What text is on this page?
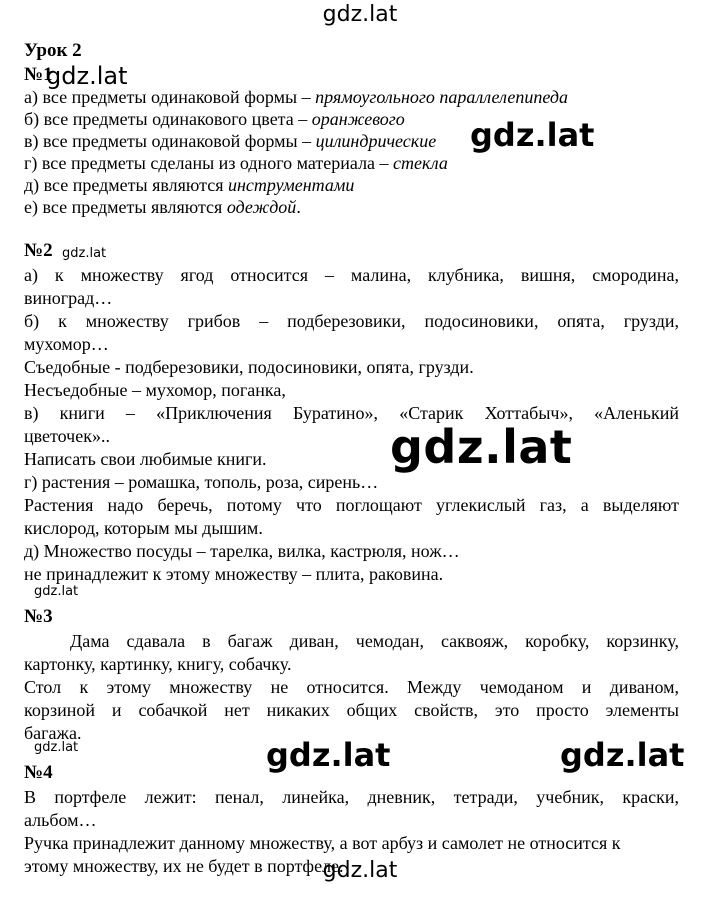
Урок 2
№1
а) все предметы одинаковой формы – прямоугольного параллелепипеда
б) все предметы одинакового цвета – оранжевого
в) все предметы одинаковой формы – цилиндрические
г) все предметы сделаны из одного материала – стекла
д) все предметы являются инструментами
е) все предметы являются одеждой.
№2
а) к множеству ягод относится – малина, клубника, вишня, смородина,
виноград…
б) к множеству грибов – подберезовики, подосиновики, опята, грузди,
мухомор…
Съедобные - подберезовики, подосиновики, опята, грузди.
Несъедобные – мухомор, поганка,
в) книги – «Приключения Буратино», «Старик Хоттабыч», «Аленький
цветочек»..
Написать свои любимые книги.
г) растения – ромашка, тополь, роза, сирень…
Растения надо беречь, потому что поглощают углекислый газ, а выделяют
кислород, которым мы дышим.
д) Множество посуды – тарелка, вилка, кастрюля, нож…
не принадлежит к этому множеству – плита, раковина.
№3
Дама сдавала в багаж диван, чемодан, саквояж, коробку, корзинку,
картонку, картинку, книгу, собачку.
Стол к этому множеству не относится. Между чемоданом и диваном,
корзиной и собачкой нет никаких общих свойств, это просто элементы
багажа.
№4
В портфеле лежит: пенал, линейка, дневник, тетради, учебник, краски,
альбом…
Ручка принадлежит данному множеству, а вот арбуз и самолет не относится к
этому множеству, их не будет в портфеле.
gdz.lat
gdz.lat
gdz.lat
gdz.lat
gdz.lat
gdz.lat
gdz.lat	gdz.lat	gdz.lat
gdz.lat
